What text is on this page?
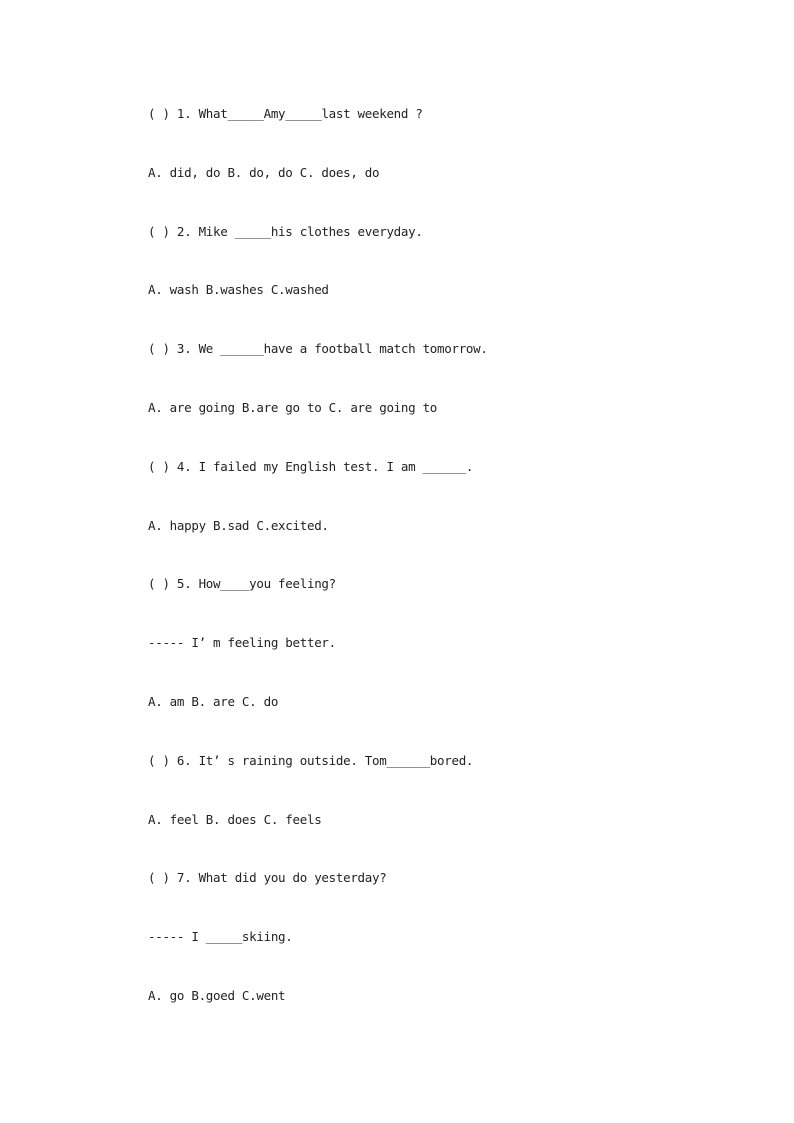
( ) 1. What_____Amy_____last weekend ?
A. did, do B. do, do C. does, do
( ) 2. Mike _____his clothes everyday.
A. wash B.washes C.washed
( ) 3. We ______have a football match tomorrow.
A. are going B.are go to C. are going to
( ) 4. I failed my English test. I am ______.
A. happy B.sad C.excited.
( ) 5. How____you feeling?
----- I’ m feeling better.
A. am B. are C. do
( ) 6. It’ s raining outside. Tom______bored.
A. feel B. does C. feels
( ) 7. What did you do yesterday?
----- I _____skiing.
A. go B.goed C.went
